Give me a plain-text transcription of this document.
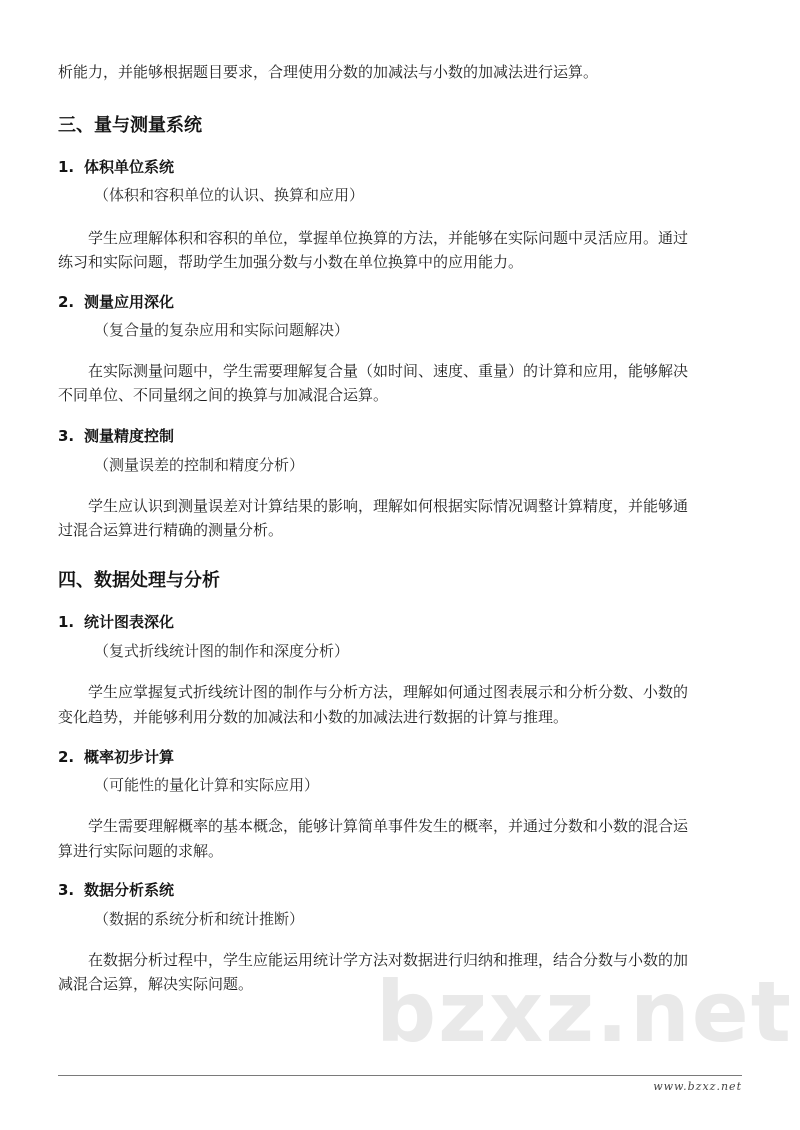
析能力，并能够根据题目要求，合理使用分数的加减法与小数的加减法进行运算。
三、量与测量系统
1. 体积单位系统
（体积和容积单位的认识、换算和应用）
学生应理解体积和容积的单位，掌握单位换算的方法，并能够在实际问题中灵活应用。通过
练习和实际问题，帮助学生加强分数与小数在单位换算中的应用能力。
2. 测量应用深化
（复合量的复杂应用和实际问题解决）
在实际测量问题中，学生需要理解复合量（如时间、速度、重量）的计算和应用，能够解决
不同单位、不同量纲之间的换算与加减混合运算。
3. 测量精度控制
（测量误差的控制和精度分析）
学生应认识到测量误差对计算结果的影响，理解如何根据实际情况调整计算精度，并能够通
过混合运算进行精确的测量分析。
四、数据处理与分析
1. 统计图表深化
（复式折线统计图的制作和深度分析）
学生应掌握复式折线统计图的制作与分析方法，理解如何通过图表展示和分析分数、小数的
变化趋势，并能够利用分数的加减法和小数的加减法进行数据的计算与推理。
2. 概率初步计算
（可能性的量化计算和实际应用）
学生需要理解概率的基本概念，能够计算简单事件发生的概率，并通过分数和小数的混合运
算进行实际问题的求解。
3. 数据分析系统
（数据的系统分析和统计推断）
在数据分析过程中，学生应能运用统计学方法对数据进行归纳和推理，结合分数与小数的加
减混合运算，解决实际问题。 bzxz.net
www.bzxz.net
